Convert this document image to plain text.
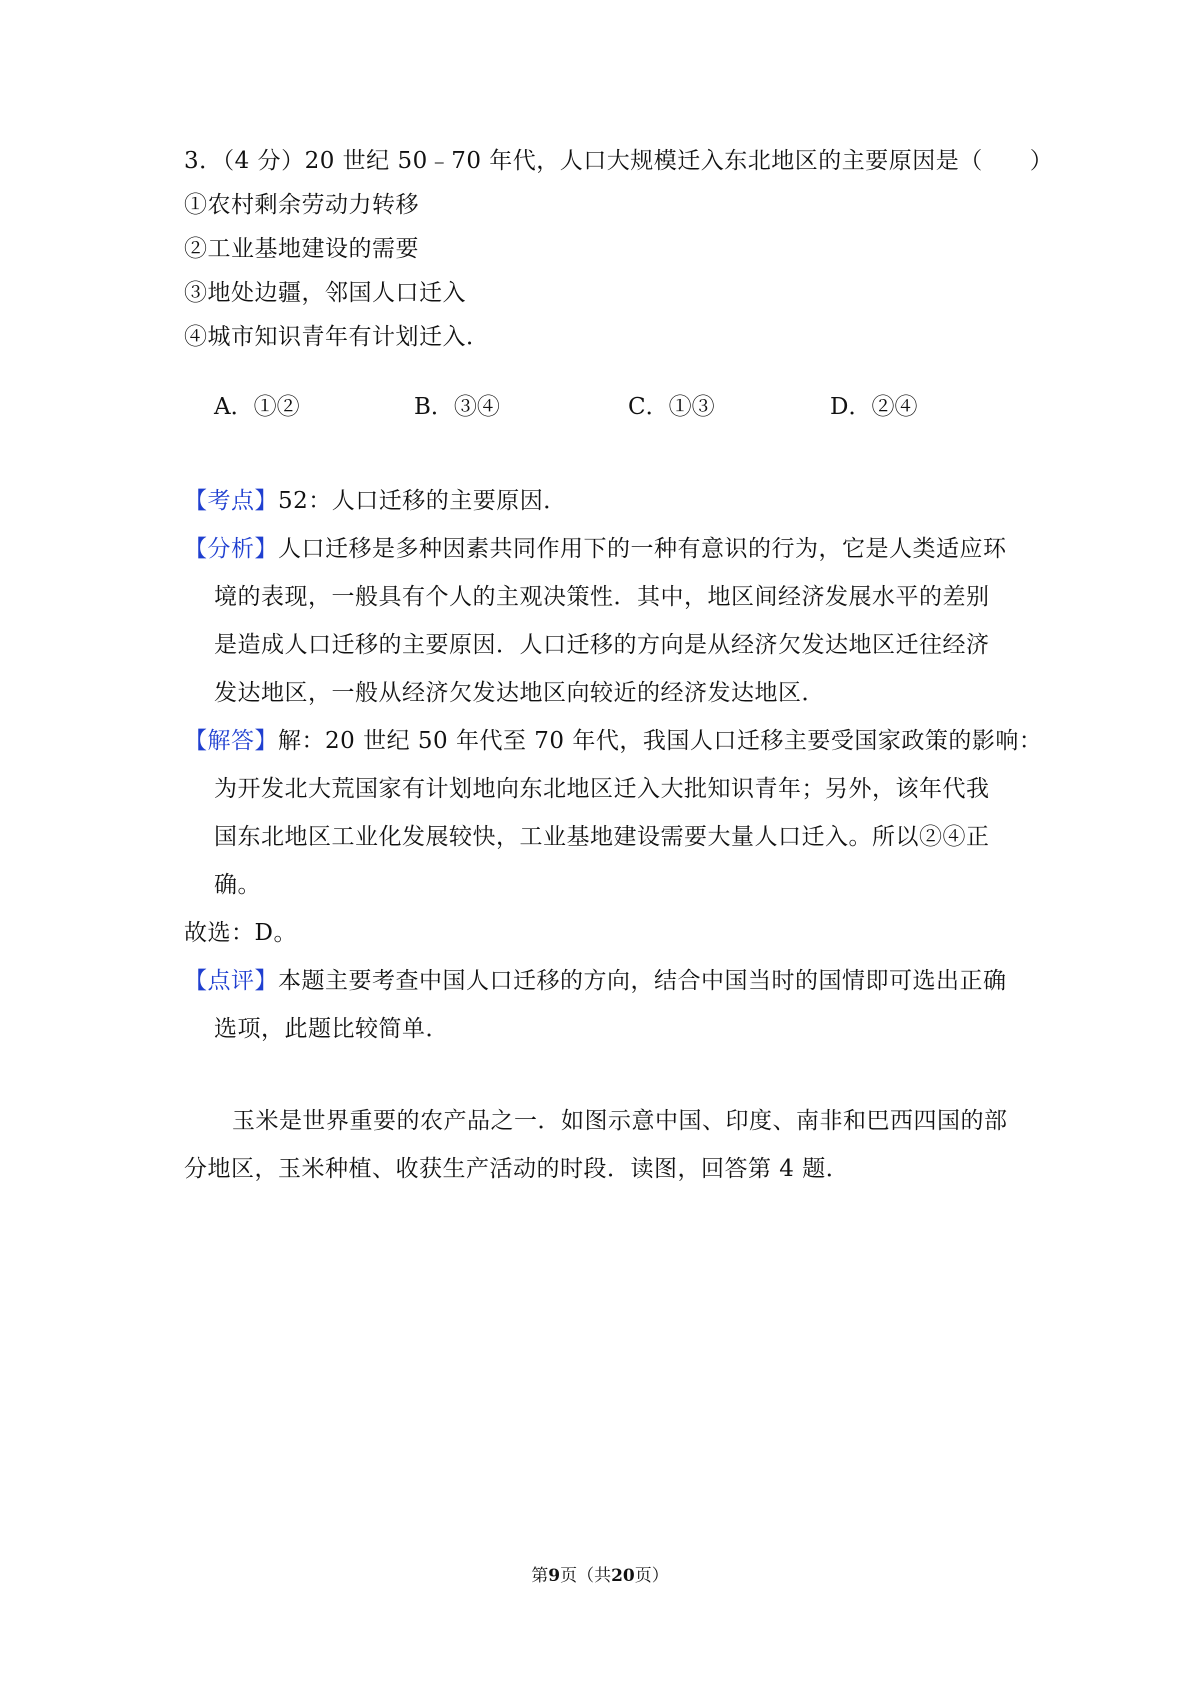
3．（4 分）20 世纪 50﹣70 年代，人口大规模迁入东北地区的主要原因是（　　）
①农村剩余劳动力转移
②工业基地建设的需要
③地处边疆，邻国人口迁入
④城市知识青年有计划迁入．
A．①②	B．③④	C．①③	D．②④
【考点】52：人口迁移的主要原因．
【分析】人口迁移是多种因素共同作用下的一种有意识的行为，它是人类适应环
境的表现，一般具有个人的主观决策性．其中，地区间经济发展水平的差别
是造成人口迁移的主要原因．人口迁移的方向是从经济欠发达地区迁往经济
发达地区，一般从经济欠发达地区向较近的经济发达地区．
【解答】解：20 世纪 50 年代至 70 年代，我国人口迁移主要受国家政策的影响：
为开发北大荒国家有计划地向东北地区迁入大批知识青年；另外，该年代我
国东北地区工业化发展较快，工业基地建设需要大量人口迁入。所以②④正
确。
故选：D。
【点评】本题主要考查中国人口迁移的方向，结合中国当时的国情即可选出正确
选项，此题比较简单．
玉米是世界重要的农产品之一．如图示意中国、印度、南非和巴西四国的部
分地区，玉米种植、收获生产活动的时段．读图，回答第 4 题．
第9页（共20页）
